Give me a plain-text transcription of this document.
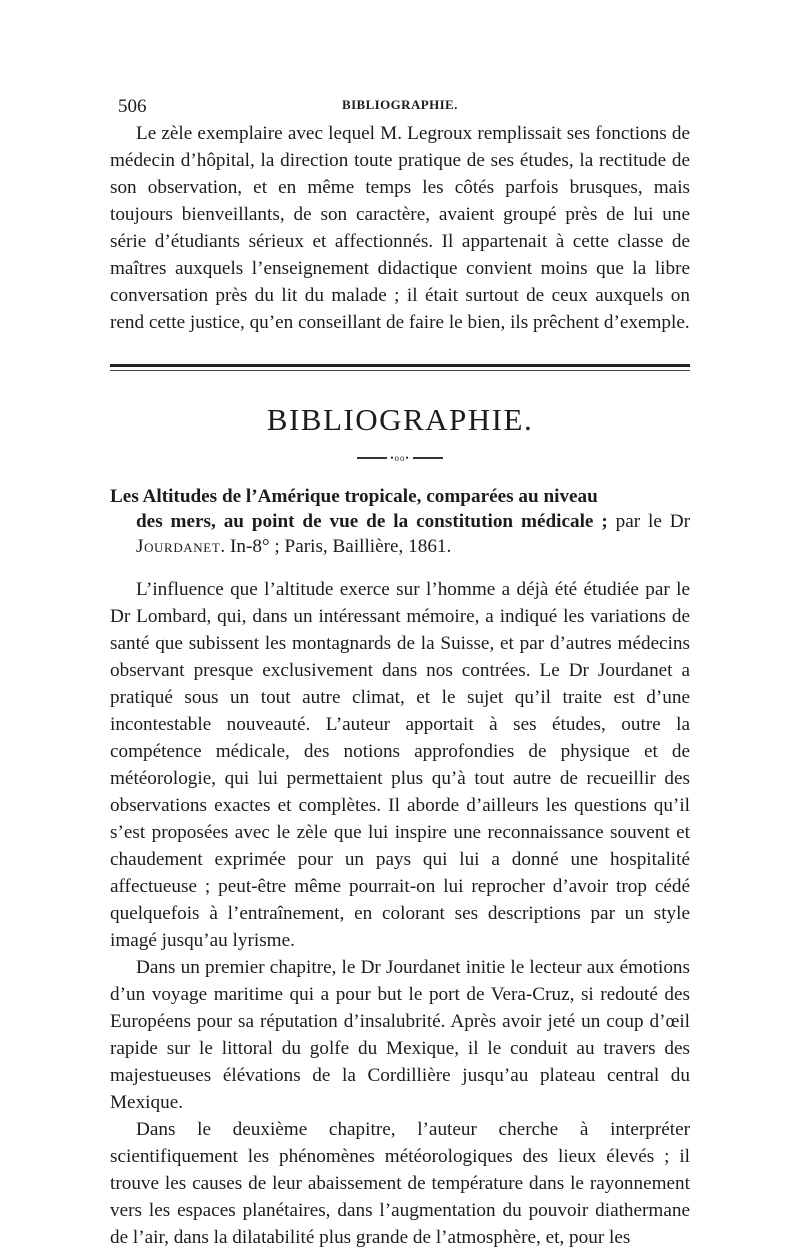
506	BIBLIOGRAPHIE.

Le zèle exemplaire avec lequel M. Legroux remplissait ses fonctions de médecin d’hôpital, la direction toute pratique de ses études, la rectitude de son observation, et en même temps les côtés parfois brusques, mais toujours bienveillants, de son caractère, avaient groupé près de lui une série d’étudiants sérieux et affectionnés. Il appartenait à cette classe de maîtres auxquels l’enseignement didactique convient moins que la libre conversation près du lit du malade ; il était surtout de ceux auxquels on rend cette justice, qu’en conseillant de faire le bien, ils prêchent d’exemple.

BIBLIOGRAPHIE.
•oo•
Les Altitudes de l’Amérique tropicale, comparées au niveau
des mers, au point de vue de la constitution médicale ; par le Dr Jourdanet. In-8° ; Paris, Baillière, 1861.

L’influence que l’altitude exerce sur l’homme a déjà été étudiée par le Dr Lombard, qui, dans un intéressant mémoire, a indiqué les variations de santé que subissent les montagnards de la Suisse, et par d’autres médecins observant presque exclusivement dans nos contrées. Le Dr Jourdanet a pratiqué sous un tout autre climat, et le sujet qu’il traite est d’une incontestable nouveauté. L’auteur apportait à ses études, outre la compétence médicale, des notions approfondies de physique et de météorologie, qui lui permettaient plus qu’à tout autre de recueillir des observations exactes et complètes. Il aborde d’ailleurs les questions qu’il s’est proposées avec le zèle que lui inspire une reconnaissance souvent et chaudement exprimée pour un pays qui lui a donné une hospitalité affectueuse ; peut-être même pourrait-on lui reprocher d’avoir trop cédé quelquefois à l’entraînement, en colorant ses descriptions par un style imagé jusqu’au lyrisme.

Dans un premier chapitre, le Dr Jourdanet initie le lecteur aux émotions d’un voyage maritime qui a pour but le port de Vera-Cruz, si redouté des Européens pour sa réputation d’insalubrité. Après avoir jeté un coup d’œil rapide sur le littoral du golfe du Mexique, il le conduit au travers des majestueuses élévations de la Cordillière jusqu’au plateau central du Mexique.

Dans le deuxième chapitre, l’auteur cherche à interpréter scientifiquement les phénomènes météorologiques des lieux élevés ; il trouve les causes de leur abaissement de température dans le rayonnement vers les espaces planétaires, dans l’augmentation du pouvoir diathermane de l’air, dans la dilatabilité plus grande de l’atmosphère, et, pour les
